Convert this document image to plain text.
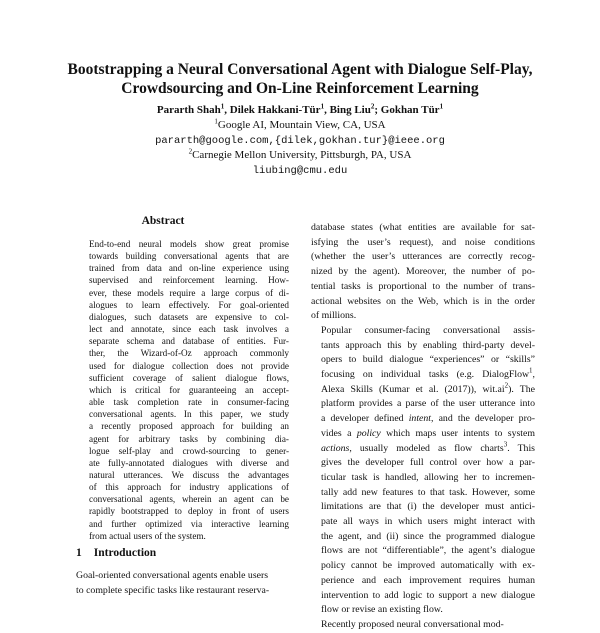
Bootstrapping a Neural Conversational Agent with Dialogue Self-Play,
Crowdsourcing and On-Line Reinforcement Learning
Pararth Shah$^1$, Dilek Hakkani-Tür$^1$, Bing Liu$^2$; Gokhan Tür$^1$
$^1$Google AI, Mountain View, CA, USA
pararth@google.com,{dilek,gokhan.tur}@ieee.org
$^2$Carnegie Mellon University, Pittsburgh, PA, USA
liubing@cmu.edu
Abstract
End-to-end neural models show great promise
towards building conversational agents that are
trained from data and on-line experience using
supervised and reinforcement learning. How-
ever, these models require a large corpus of di-
alogues to learn effectively. For goal-oriented
dialogues, such datasets are expensive to col-
lect and annotate, since each task involves a
separate schema and database of entities. Fur-
ther, the Wizard-of-Oz approach commonly
used for dialogue collection does not provide
sufficient coverage of salient dialogue flows,
which is critical for guaranteeing an accept-
able task completion rate in consumer-facing
conversational agents. In this paper, we study
a recently proposed approach for building an
agent for arbitrary tasks by combining dia-
logue self-play and crowd-sourcing to gener-
ate fully-annotated dialogues with diverse and
natural utterances. We discuss the advantages
of this approach for industry applications of
conversational agents, wherein an agent can be
rapidly bootstrapped to deploy in front of users
and further optimized via interactive learning
from actual users of the system.
1 Introduction
Goal-oriented conversational agents enable users
to complete specific tasks like restaurant reserva-

database states (what entities are available for sat-
isfying the user’s request), and noise conditions
(whether the user’s utterances are correctly recog-
nized by the agent). Moreover, the number of po-
tential tasks is proportional to the number of trans-
actional websites on the Web, which is in the order
of millions.

Popular consumer-facing conversational assis-
tants approach this by enabling third-party devel-
opers to build dialogue “experiences” or “skills”
focusing on individual tasks (e.g. DialogFlow$^1$,
Alexa Skills (Kumar et al. (2017)), $wit.ai^2$). The
platform provides a parse of the user utterance into
a developer defined intent, and the developer pro-
vides a policy which maps user intents to system
actions, usually modeled as flow charts$^3$. This
gives the developer full control over how a par-
ticular task is handled, allowing her to incremen-
tally add new features to that task. However, some
limitations are that (i) the developer must antici-
pate all ways in which users might interact with
the agent, and (ii) since the programmed dialogue
flows are not “differentiable”, the agent’s dialogue
policy cannot be improved automatically with ex-
perience and each improvement requires human
intervention to add logic to support a new dialogue
flow or revise an existing flow.

Recently proposed neural conversational mod-
